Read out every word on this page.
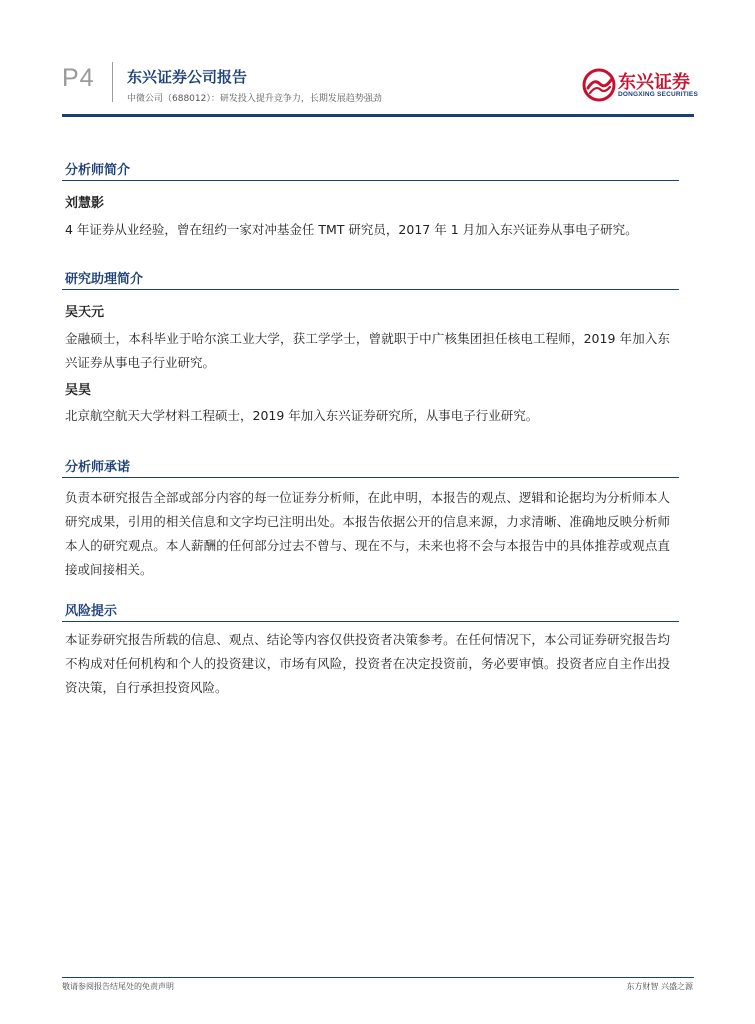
P4 东兴证券公司报告
中微公司（688012）：研发投入提升竞争力，长期发展趋势强劲
东兴证券
DONGXING SECURITIES
分析师简介
刘慧影
4 年证券从业经验，曾在纽约一家对冲基金任 TMT 研究员，2017 年 1 月加入东兴证券从事电子研究。
研究助理简介
吴天元
金融硕士，本科毕业于哈尔滨工业大学，获工学学士，曾就职于中广核集团担任核电工程师，2019 年加入东兴证券从事电子行业研究。
吴昊
北京航空航天大学材料工程硕士，2019 年加入东兴证券研究所，从事电子行业研究。
分析师承诺
负责本研究报告全部或部分内容的每一位证券分析师，在此申明，本报告的观点、逻辑和论据均为分析师本人研究成果，引用的相关信息和文字均已注明出处。本报告依据公开的信息来源，力求清晰、准确地反映分析师本人的研究观点。本人薪酬的任何部分过去不曾与、现在不与，未来也将不会与本报告中的具体推荐或观点直接或间接相关。
风险提示
本证券研究报告所载的信息、观点、结论等内容仅供投资者决策参考。在任何情况下，本公司证券研究报告均不构成对任何机构和个人的投资建议，市场有风险，投资者在决定投资前，务必要审慎。投资者应自主作出投资决策，自行承担投资风险。
敬请参阅报告结尾处的免责声明	东方财智 兴盛之源
